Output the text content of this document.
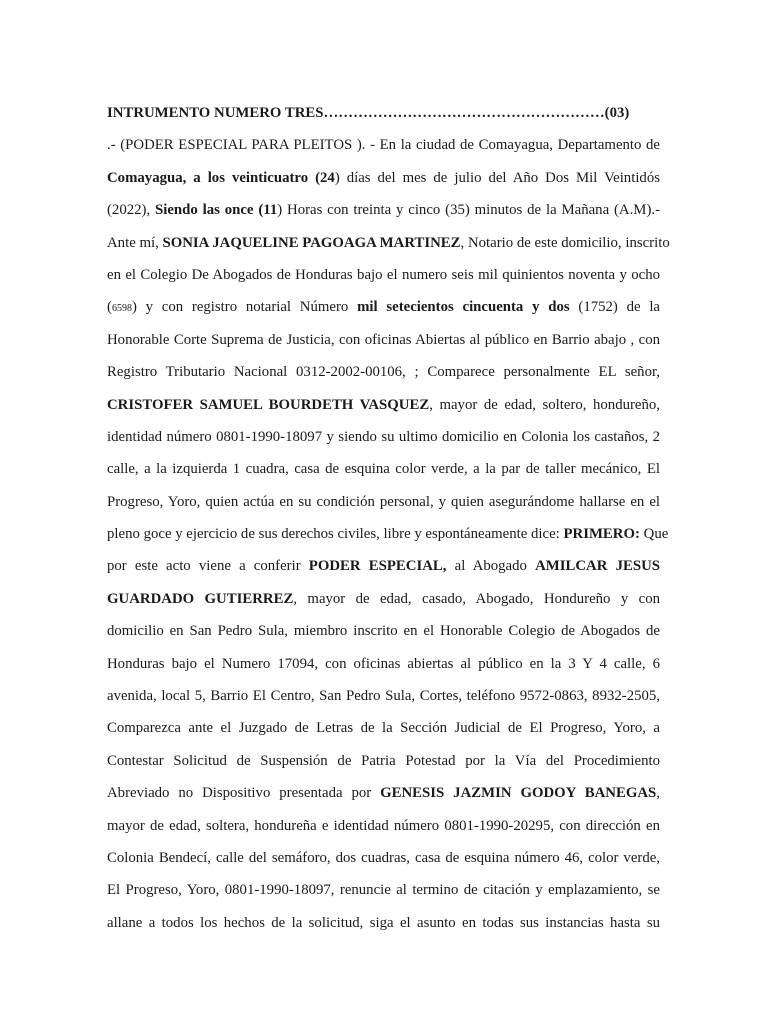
INTRUMENTO NUMERO TRES…………………………………………………(03)
.- (PODER ESPECIAL PARA PLEITOS ). - En la ciudad de Comayagua, Departamento de
Comayagua, a los veinticuatro (24) días del mes de julio del Año Dos Mil Veintidós
(2022), Siendo las once (11) Horas con treinta y cinco (35) minutos de la Mañana (A.M).-
Ante mí, SONIA JAQUELINE PAGOAGA MARTINEZ, Notario de este domicilio, inscrito
en el Colegio De Abogados de Honduras bajo el numero seis mil quinientos noventa y ocho
(6598) y con registro notarial Número mil setecientos cincuenta y dos (1752) de la
Honorable Corte Suprema de Justicia, con oficinas Abiertas al público en Barrio abajo , con
Registro Tributario Nacional 0312-2002-00106, ; Comparece personalmente EL señor,
CRISTOFER SAMUEL BOURDETH VASQUEZ, mayor de edad, soltero, hondureño,
identidad número 0801-1990-18097 y siendo su ultimo domicilio en Colonia los castaños, 2
calle, a la izquierda 1 cuadra, casa de esquina color verde, a la par de taller mecánico, El
Progreso, Yoro, quien actúa en su condición personal, y quien asegurándome hallarse en el
pleno goce y ejercicio de sus derechos civiles, libre y espontáneamente dice: PRIMERO: Que
por este acto viene a conferir PODER ESPECIAL, al Abogado AMILCAR JESUS
GUARDADO GUTIERREZ, mayor de edad, casado, Abogado, Hondureño y con
domicilio en San Pedro Sula, miembro inscrito en el Honorable Colegio de Abogados de
Honduras bajo el Numero 17094, con oficinas abiertas al público en la 3 Y 4 calle, 6
avenida, local 5, Barrio El Centro, San Pedro Sula, Cortes, teléfono 9572-0863, 8932-2505,
Comparezca ante el Juzgado de Letras de la Sección Judicial de El Progreso, Yoro, a
Contestar Solicitud de Suspensión de Patria Potestad por la Vía del Procedimiento
Abreviado no Dispositivo presentada por GENESIS JAZMIN GODOY BANEGAS,
mayor de edad, soltera, hondureña e identidad número 0801-1990-20295, con dirección en
Colonia Bendecí, calle del semáforo, dos cuadras, casa de esquina número 46, color verde,
El Progreso, Yoro, 0801-1990-18097, renuncie al termino de citación y emplazamiento, se
allane a todos los hechos de la solicitud, siga el asunto en todas sus instancias hasta su
